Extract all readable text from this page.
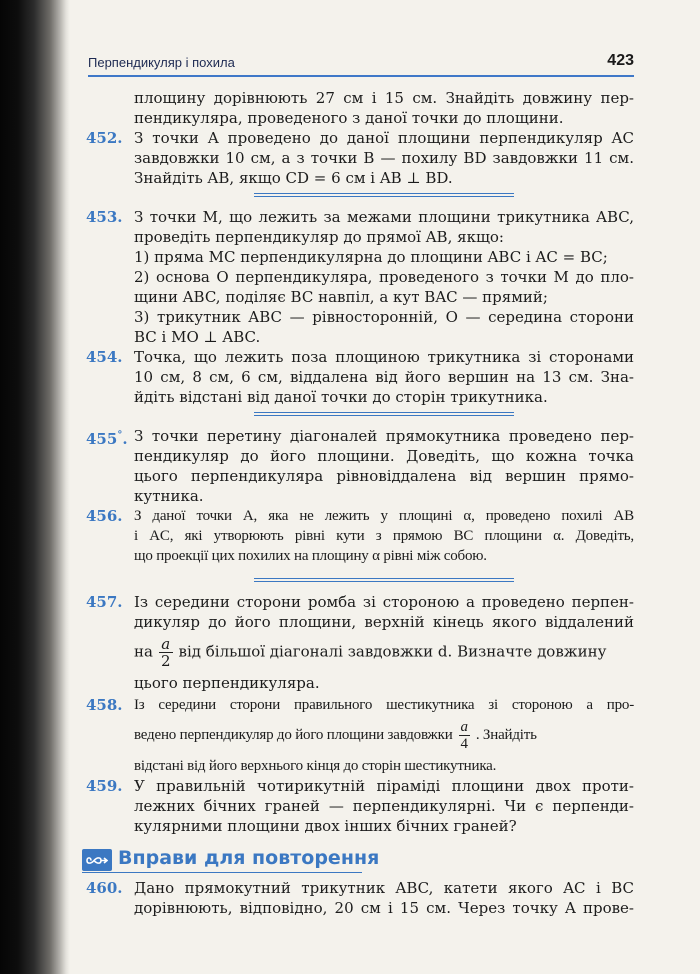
Перпендикуляр і похила	423
площину дорівнюють 27 см і 15 см. Знайдіть довжину пер-
пендикуляра, проведеного з даної точки до площини.
452. З точки A проведено до даної площини перпендикуляр AC
завдовжки 10 см, а з точки B — похилу BD завдовжки 11 см.
Знайдіть AB, якщо CD = 6 см і AB ⊥ BD.
453. З точки M, що лежить за межами площини трикутника ABC,
проведіть перпендикуляр до прямої AB, якщо:
1) пряма MC перпендикулярна до площини ABC і AC = BC;
2) основа O перпендикуляра, проведеного з точки M до пло-
щини ABC, поділяє BC навпіл, а кут BAC — прямий;
3) трикутник ABC — рівносторонній, O — середина сторони
BC і MO ⊥ ABC.
454. Точка, що лежить поза площиною трикутника зі сторонами
10 см, 8 см, 6 см, віддалена від його вершин на 13 см. Зна-
йдіть відстані від даної точки до сторін трикутника.
455°. З точки перетину діагоналей прямокутника проведено пер-
пендикуляр до його площини. Доведіть, що кожна точка
цього перпендикуляра рівновіддалена від вершин прямо-
кутника.
456. З даної точки A, яка не лежить у площині α, проведено похилі AB
і AC, які утворюють рівні кути з прямою BC площини α. Доведіть,
що проекції цих похилих на площину α рівні між собою.
457. Із середини сторони ромба зі стороною a проведено перпен-
дикуляр до його площини, верхній кінець якого віддалений
на $\frac{a}{2}$ від більшої діагоналі завдовжки d. Визначте довжину
цього перпендикуляра.
458. Із середини сторони правильного шестикутника зі стороною a про-
ведено перпендикуляр до його площини завдовжки $\frac{a}{4}$ . Знайдіть
відстані від його верхнього кінця до сторін шестикутника.
459. У правильній чотирикутній піраміді площини двох проти-
лежних бічних граней — перпендикулярні. Чи є перпенди-
кулярними площини двох інших бічних граней?
Вправи для повторення
460. Дано прямокутний трикутник ABC, катети якого AC і BC
дорівнюють, відповідно, 20 см і 15 см. Через точку A прове-
